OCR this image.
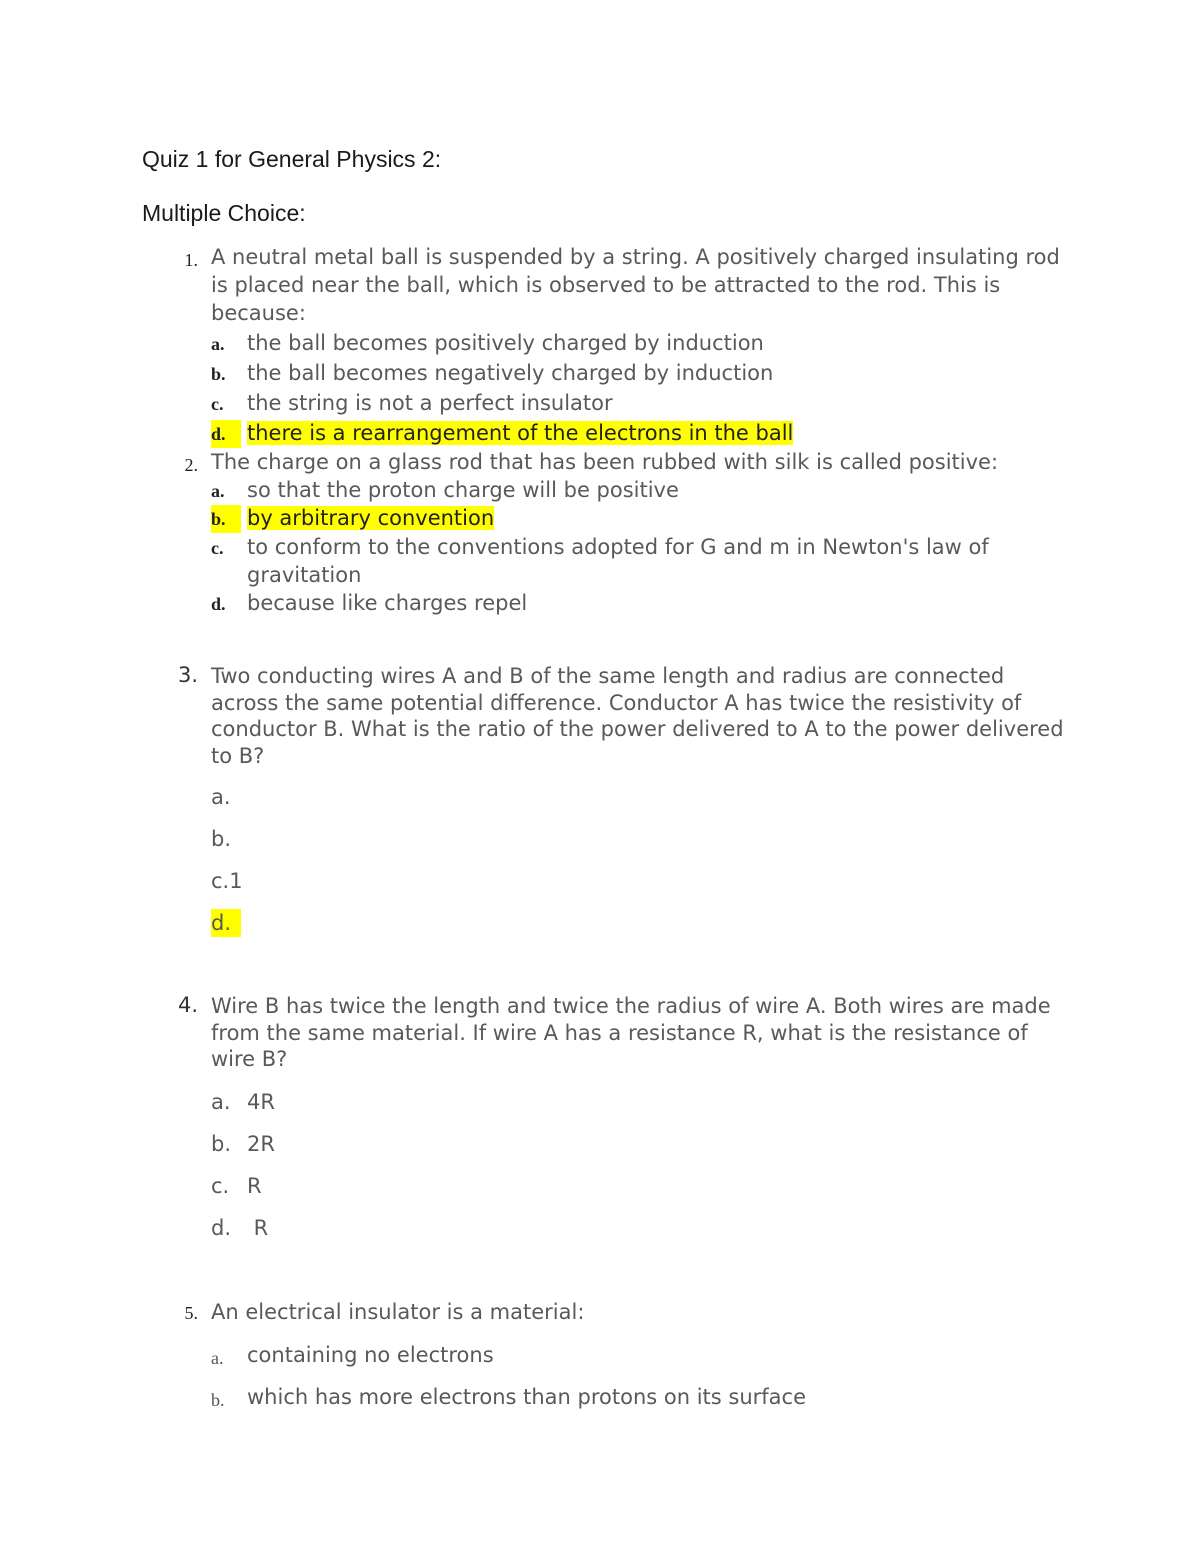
Quiz 1 for General Physics 2:
Multiple Choice:
1. A neutral metal ball is suspended by a string. A positively charged insulating rod is placed near the ball, which is observed to be attracted to the rod. This is because:
a.	the ball becomes positively charged by induction
b.	the ball becomes negatively charged by induction
c.	the string is not a perfect insulator
d.	there is a rearrangement of the electrons in the ball
2. The charge on a glass rod that has been rubbed with silk is called positive:
a.	so that the proton charge will be positive
b.	by arbitrary convention
c.	to conform to the conventions adopted for G and m in Newton's law of gravitation
d.	because like charges repel
3. Two conducting wires A and B of the same length and radius are connected across the same potential difference. Conductor A has twice the resistivity of conductor B. What is the ratio of the power delivered to A to the power delivered to B?
a.
b.
c.1
d.
4. Wire B has twice the length and twice the radius of wire A. Both wires are made from the same material. If wire A has a resistance R, what is the resistance of wire B?
a. 4R
b. 2R
c. R
d. R
5. An electrical insulator is a material:
a.	containing no electrons
b.	which has more electrons than protons on its surface
